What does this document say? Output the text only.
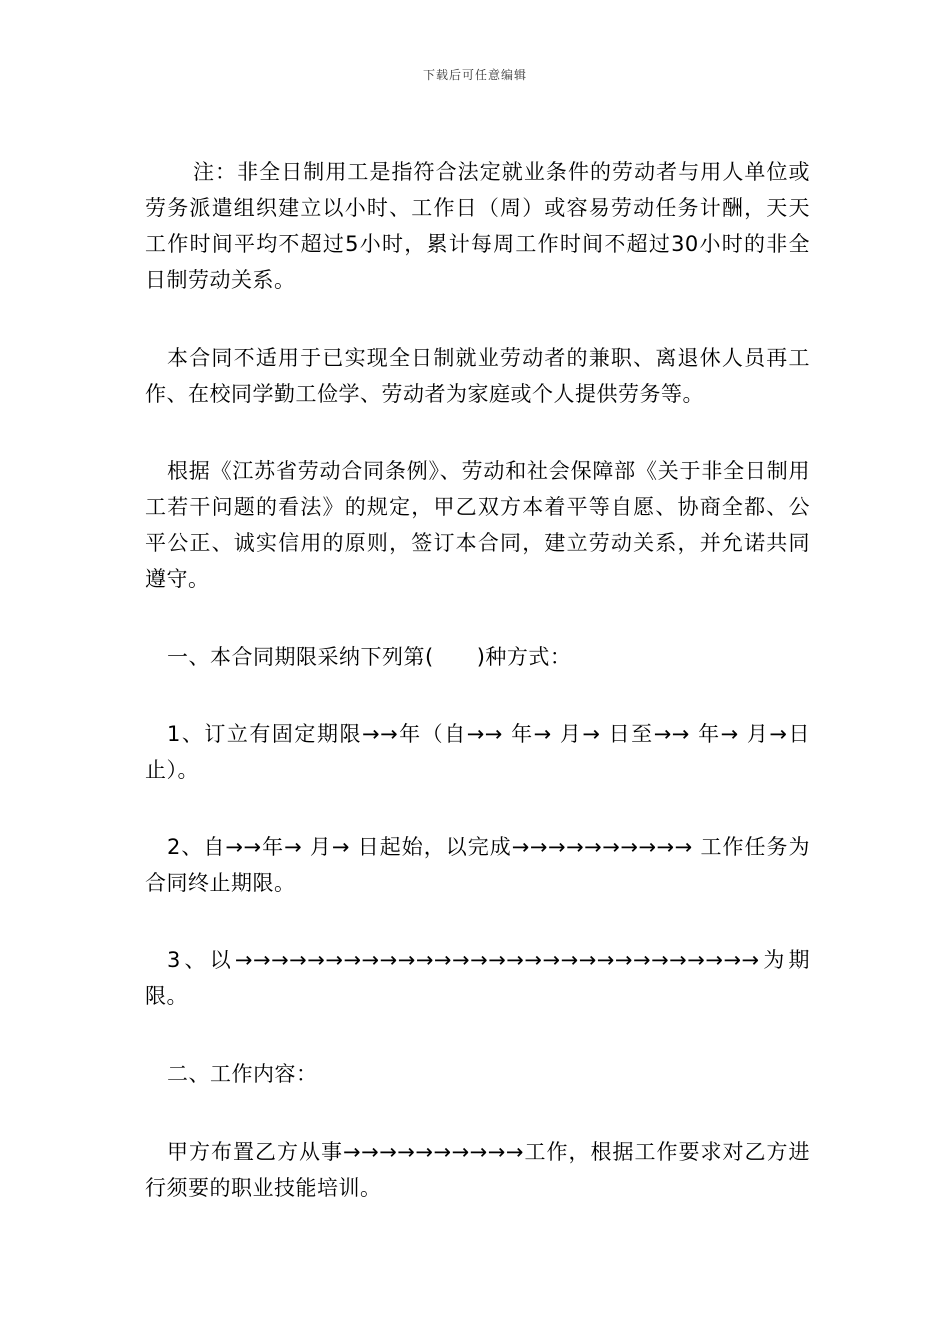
下载后可任意编辑

注：非全日制用工是指符合法定就业条件的劳动者与用人单位或劳务派遣组织建立以小时、工作日（周）或容易劳动任务计酬，天天工作时间平均不超过5小时，累计每周工作时间不超过30小时的非全日制劳动关系。

本合同不适用于已实现全日制就业劳动者的兼职、离退休人员再工作、在校同学勤工俭学、劳动者为家庭或个人提供劳务等。

根据《江苏省劳动合同条例》、劳动和社会保障部《关于非全日制用工若干问题的看法》的规定，甲乙双方本着平等自愿、协商全都、公平公正、诚实信用的原则，签订本合同，建立劳动关系，并允诺共同遵守。

一、本合同期限采纳下列第(　　)种方式：

1、订立有固定期限→→年（自→→ 年→ 月→ 日至→→ 年→ 月→日止）。

2、自→→年→ 月→ 日起始，以完成→→→→→→→→→→ 工作任务为合同终止期限。

3、以→→→→→→→→→→→→→→→→→→→→→→→→→→→→→为期限。

二、工作内容：

甲方布置乙方从事→→→→→→→→→→工作，根据工作要求对乙方进行须要的职业技能培训。
